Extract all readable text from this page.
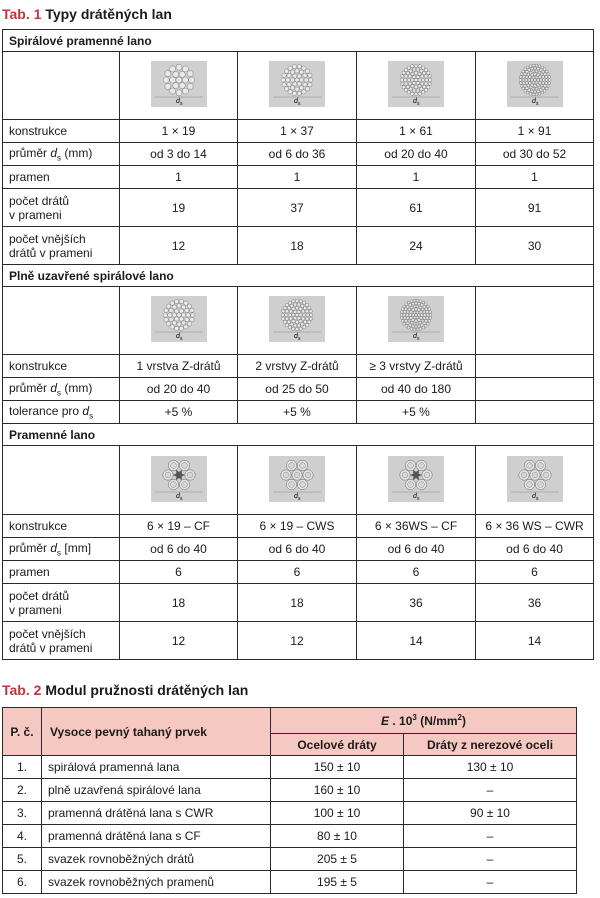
Tab. 1 Typy drátěných lan
Spirálové pramenné lano				

d s	d s	d s	d s

konstrukce	1 × 19	1 × 37	1 × 61	1 × 91
průměr $d_s$ (mm)	od 3 do 14	od 6 do 36	od 20 do 40	od 30 do 52
pramen	1	1	1	1
počet drátů
v prameni	19	37	61	91
počet vnějších
drátů v prameni	12	18	24	30
Plně uzavřené spirálové lano				

d s	d s	d s	

konstrukce	1 vrstva Z-drátů	2 vrstvy Z-drátů	≥ 3 vrstvy Z-drátů	
průměr $d_s$ (mm)	od 20 do 40	od 25 do 50	od 40 do 180	
tolerance pro $d_s$	+5 %	+5 %	+5 %	
Pramenné lano				

d s	d s	d s	d s

konstrukce	6 × 19 – CF	6 × 19 – CWS	6 × 36WS – CF	6 × 36 WS – CWR
průměr $d_s$ [mm]	od 6 do 40	od 6 do 40	od 6 do 40	od 6 do 40
pramen	6	6	6	6
počet drátů
v prameni	18	18	36	36
počet vnějších
drátů v prameni	12	12	14	14
Tab. 2 Modul pružnosti drátěných lan
P. č.	Vysoce pevný tahaný prvek	E . $10^3$ $(N/mm^2)$	
		Ocelové dráty	Dráty z nerezové oceli
1.	spirálová pramenná lana	150 ± 10	130 ± 10
2.	plně uzavřená spirálové lana	160 ± 10	–
3.	pramenná drátěná lana s CWR	100 ± 10	90 ± 10
4.	pramenná drátěná lana s CF	80 ± 10	–
5.	svazek rovnoběžných drátů	205 ± 5	–
6.	svazek rovnoběžných pramenů	195 ± 5	–
